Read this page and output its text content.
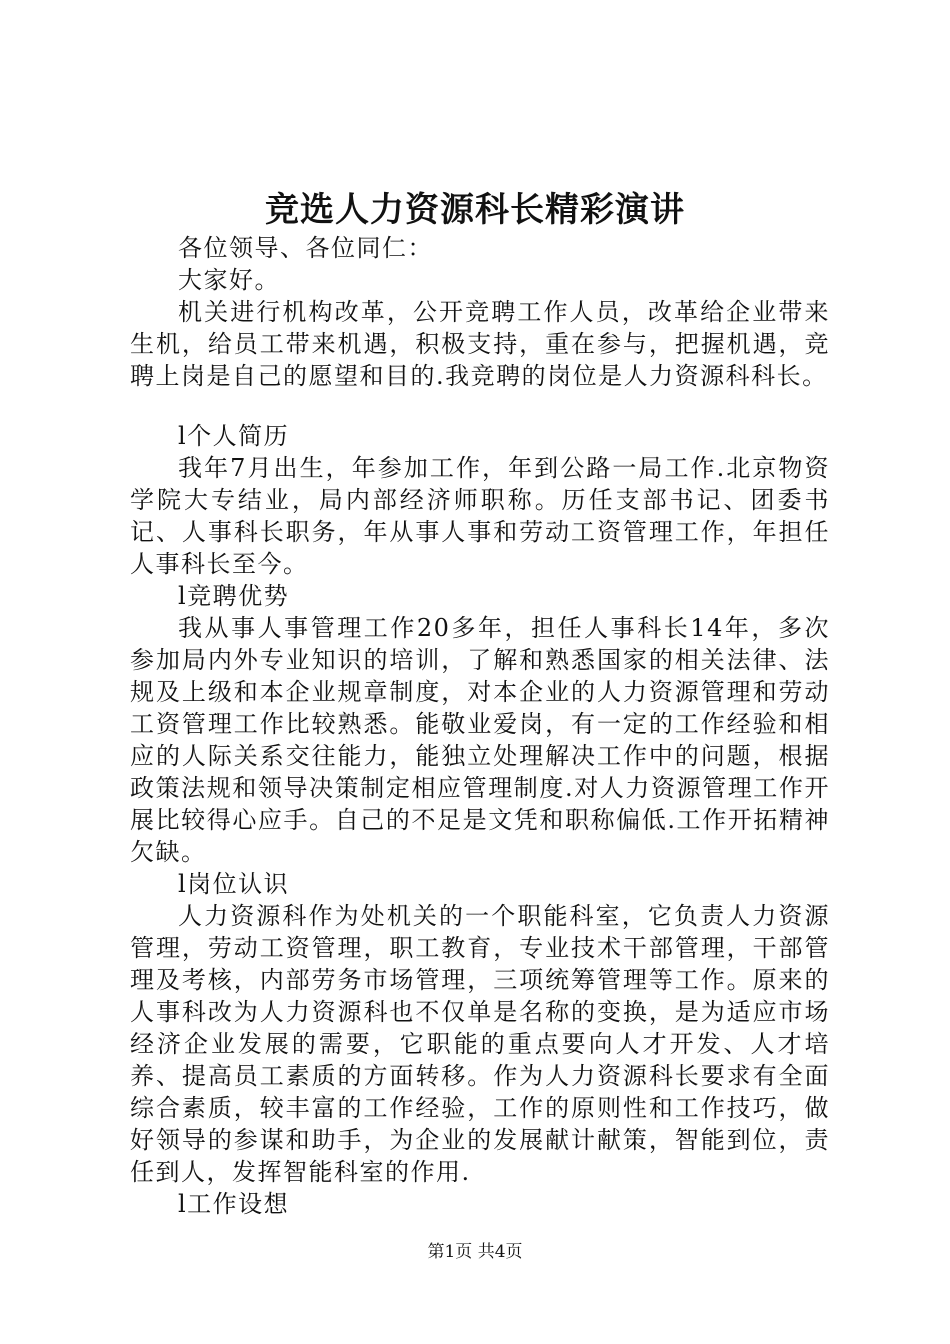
竞选人力资源科长精彩演讲

各位领导、各位同仁：

大家好。

机关进行机构改革，公开竞聘工作人员，改革给企业带来生机，给员工带来机遇，积极支持，重在参与，把握机遇，竞聘上岗是自己的愿望和目的.我竞聘的岗位是人力资源科科长。

l个人简历

我年7月出生，年参加工作，年到公路一局工作.北京物资学院大专结业，局内部经济师职称。历任支部书记、团委书记、人事科长职务，年从事人事和劳动工资管理工作，年担任人事科长至今。

l竞聘优势

我从事人事管理工作20多年，担任人事科长14年，多次参加局内外专业知识的培训，了解和熟悉国家的相关法律、法规及上级和本企业规章制度，对本企业的人力资源管理和劳动工资管理工作比较熟悉。能敬业爱岗，有一定的工作经验和相应的人际关系交往能力，能独立处理解决工作中的问题，根据政策法规和领导决策制定相应管理制度.对人力资源管理工作开展比较得心应手。自己的不足是文凭和职称偏低.工作开拓精神欠缺。

l岗位认识

人力资源科作为处机关的一个职能科室，它负责人力资源管理，劳动工资管理，职工教育，专业技术干部管理，干部管理及考核，内部劳务市场管理，三项统筹管理等工作。原来的人事科改为人力资源科也不仅单是名称的变换，是为适应市场经济企业发展的需要，它职能的重点要向人才开发、人才培养、提高员工素质的方面转移。作为人力资源科长要求有全面综合素质，较丰富的工作经验，工作的原则性和工作技巧，做好领导的参谋和助手，为企业的发展献计献策，智能到位，责任到人，发挥智能科室的作用.

l工作设想

第1页 共4页
